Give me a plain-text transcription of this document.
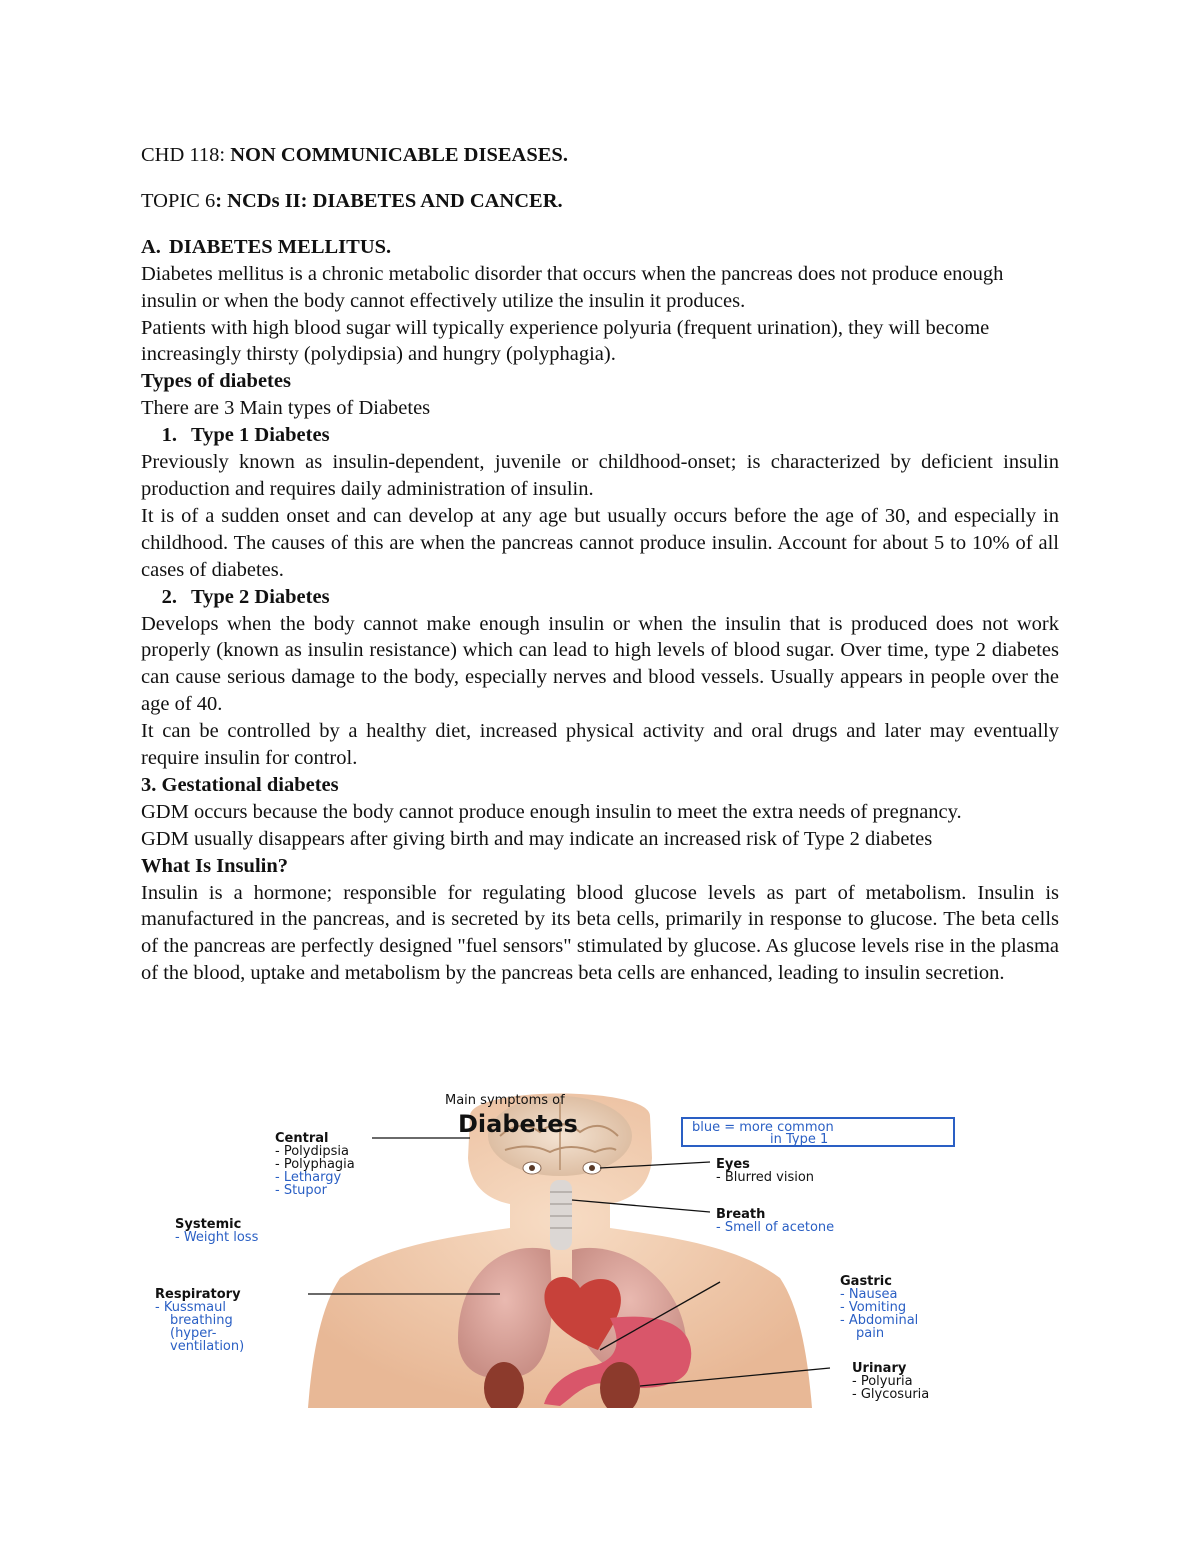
CHD 118: NON COMMUNICABLE DISEASES.

TOPIC 6: NCDs II: DIABETES AND CANCER.

A. DIABETES MELLITUS.

Diabetes mellitus is a chronic metabolic disorder that occurs when the pancreas does not produce enough insulin or when the body cannot effectively utilize the insulin it produces.

Patients with high blood sugar will typically experience polyuria (frequent urination), they will become increasingly thirsty (polydipsia) and hungry (polyphagia).

Types of diabetes

There are 3 Main types of Diabetes

1. Type 1 Diabetes

Previously known as insulin-dependent, juvenile or childhood-onset; is characterized by deficient insulin production and requires daily administration of insulin.

It is of a sudden onset and can develop at any age but usually occurs before the age of 30, and especially in childhood. The causes of this are when the pancreas cannot produce insulin. Account for about 5 to 10% of all cases of diabetes.

2. Type 2 Diabetes

Develops when the body cannot make enough insulin or when the insulin that is produced does not work properly (known as insulin resistance) which can lead to high levels of blood sugar. Over time, type 2 diabetes can cause serious damage to the body, especially nerves and blood vessels. Usually appears in people over the age of 40.

It can be controlled by a healthy diet, increased physical activity and oral drugs and later may eventually require insulin for control.

3. Gestational diabetes

GDM occurs because the body cannot produce enough insulin to meet the extra needs of pregnancy.

GDM usually disappears after giving birth and may indicate an increased risk of Type 2 diabetes

What Is Insulin?

Insulin is a hormone; responsible for regulating blood glucose levels as part of metabolism. Insulin is manufactured in the pancreas, and is secreted by its beta cells, primarily in response to glucose. The beta cells of the pancreas are perfectly designed "fuel sensors" stimulated by glucose. As glucose levels rise in the plasma of the blood, uptake and metabolism by the pancreas beta cells are enhanced, leading to insulin secretion.

Main symptoms of
Diabetes	blue = more common
in Type 1
Central
- Polydipsia
- Polyphagia
- Lethargy
- Stupor
Systemic
- Weight loss
Respiratory
- Kussmaul
breathing
(hyper-
ventilation)
Eyes
- Blurred vision
Breath
- Smell of acetone
Gastric
- Nausea
- Vomiting
- Abdominal
pain
Urinary
- Polyuria
- Glycosuria
